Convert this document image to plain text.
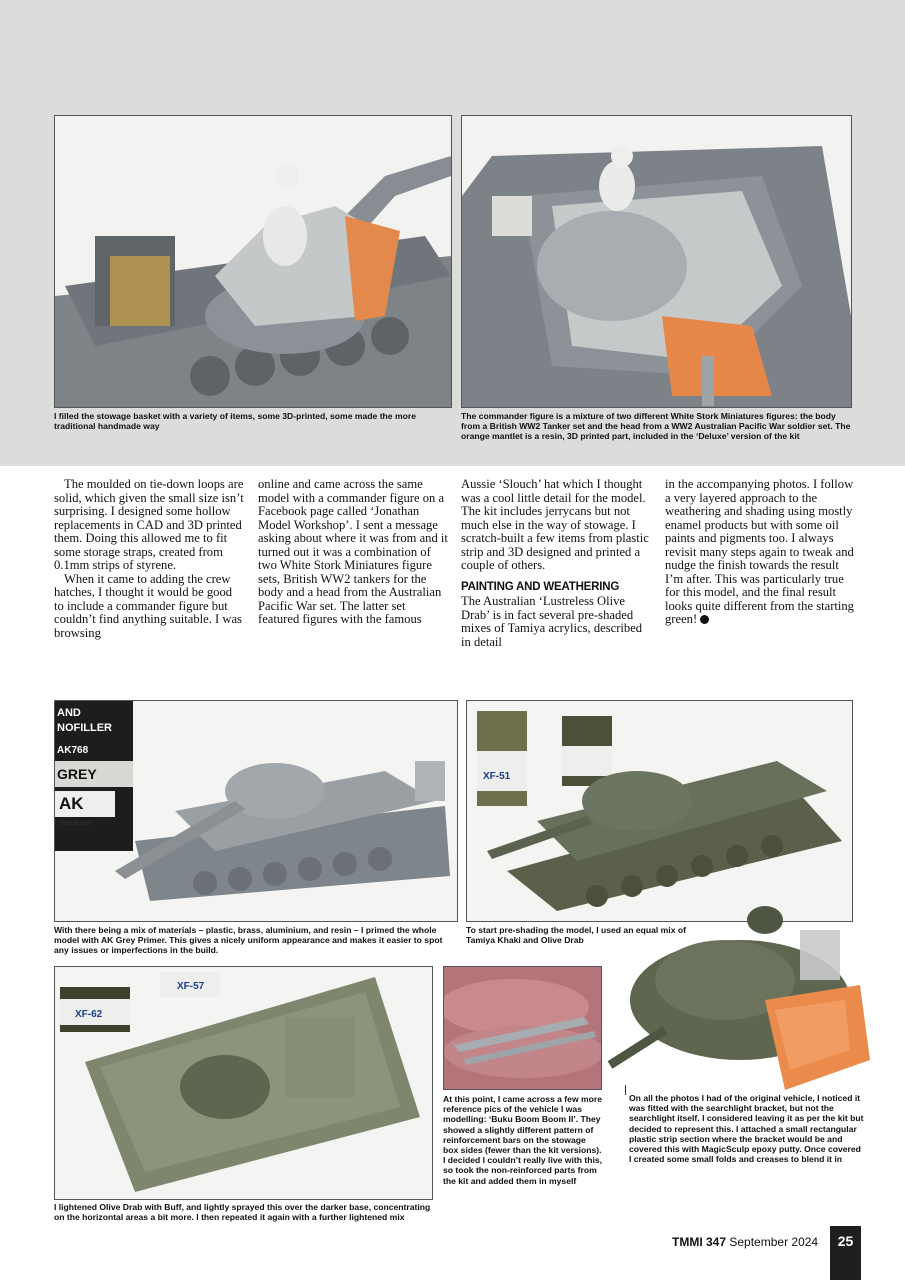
I filled the stowage basket with a variety of items, some 3D-printed, some made the more traditional handmade way
The commander figure is a mixture of two different White Stork Miniatures figures: the body from a British WW2 Tanker set and the head from a WW2 Australian Pacific War soldier set. The orange mantlet is a resin, 3D printed part, included in the ‘Deluxe’ version of the kit

The moulded on tie-down loops are solid, which given the small size isn’t surprising. I designed some hollow replacements in CAD and 3D printed them. Doing this allowed me to fit some storage straps, created from 0.1mm strips of styrene.

When it came to adding the crew hatches, I thought it would be good to include a commander figure but couldn’t find anything suitable. I was browsing

online and came across the same model with a commander figure on a Facebook page called ‘Jonathan Model Workshop’. I sent a message asking about where it was from and it turned out it was a combination of two White Stork Miniatures figure sets, British WW2 tankers for the body and a head from the Australian Pacific War set. The latter set featured figures with the famous

Aussie ‘Slouch’ hat which I thought was a cool little detail for the model. The kit includes jerrycans but not much else in the way of stowage. I scratch-built a few items from plastic strip and 3D designed and printed a couple of others.

PAINTING AND WEATHERING

The Australian ‘Lustreless Olive Drab’ is in fact several pre-shaded mixes of Tamiya acrylics, described in detail

in the accompanying photos. I follow a very layered approach to the weathering and shading using mostly enamel products but with some oil paints and pigments too. I always revisit many steps again to tweak and nudge the finish towards the result I’m after. This was particularly true for this model, and the final result looks quite different from the starting green!

AND
NOFILLER
AK768
GREY
AK
interactive
XF-51
With there being a mix of materials – plastic, brass, aluminium, and resin – I primed the whole model with AK Grey Primer. This gives a nicely uniform appearance and makes it easier to spot any issues or imperfections in the build.
To start pre-shading the model, I used an equal mix of Tamiya Khaki and Olive Drab
XF-62
XF-57
I lightened Olive Drab with Buff, and lightly sprayed this over the darker base, concentrating on the horizontal areas a bit more. I then repeated it again with a further lightened mix
At this point, I came across a few more reference pics of the vehicle I was modelling: ‘Buku Boom Boom II’. They showed a slightly different pattern of reinforcement bars on the stowage box sides (fewer than the kit versions). I decided I couldn’t really live with this, so took the non-reinforced parts from the kit and added them in myself
On all the photos I had of the original vehicle, I noticed it was fitted with the searchlight bracket, but not the searchlight itself. I considered leaving it as per the kit but decided to represent this. I attached a small rectangular plastic strip section where the bracket would be and covered this with MagicSculp epoxy putty. Once covered I created some small folds and creases to blend it in
TMMI 347 September 2024	25
